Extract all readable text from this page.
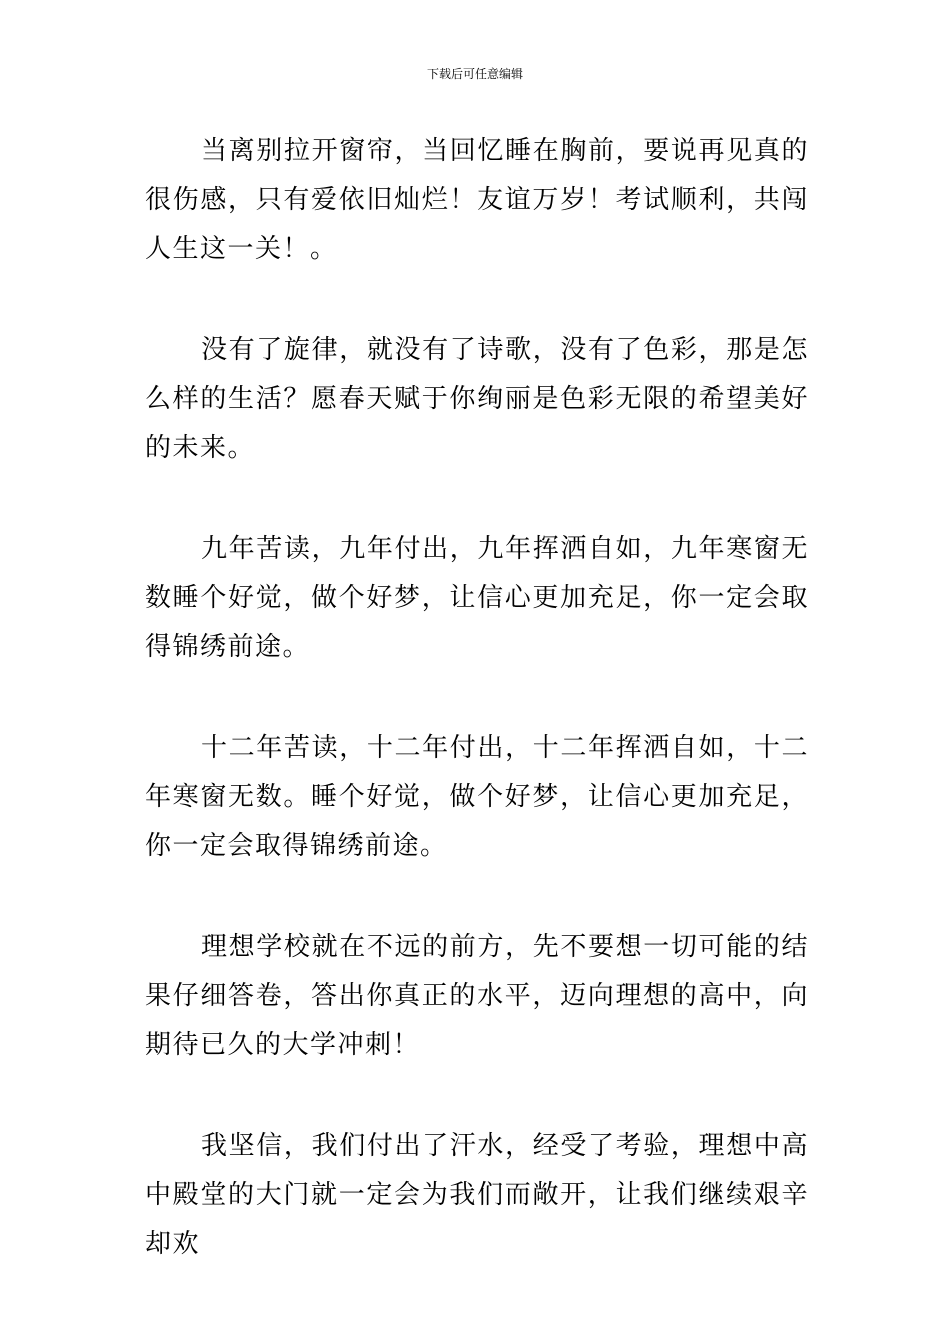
下载后可任意编辑

当离别拉开窗帘，当回忆睡在胸前，要说再见真的很伤感，只有爱依旧灿烂！友谊万岁！考试顺利，共闯人生这一关！。

没有了旋律，就没有了诗歌，没有了色彩，那是怎么样的生活？愿春天赋于你绚丽是色彩无限的希望美好的未来。

九年苦读，九年付出，九年挥洒自如，九年寒窗无数睡个好觉，做个好梦，让信心更加充足，你一定会取得锦绣前途。

十二年苦读，十二年付出，十二年挥洒自如，十二年寒窗无数。睡个好觉，做个好梦，让信心更加充足，你一定会取得锦绣前途。

理想学校就在不远的前方，先不要想一切可能的结果仔细答卷，答出你真正的水平，迈向理想的高中，向期待已久的大学冲刺！

我坚信，我们付出了汗水，经受了考验，理想中高中殿堂的大门就一定会为我们而敞开，让我们继续艰辛却欢
